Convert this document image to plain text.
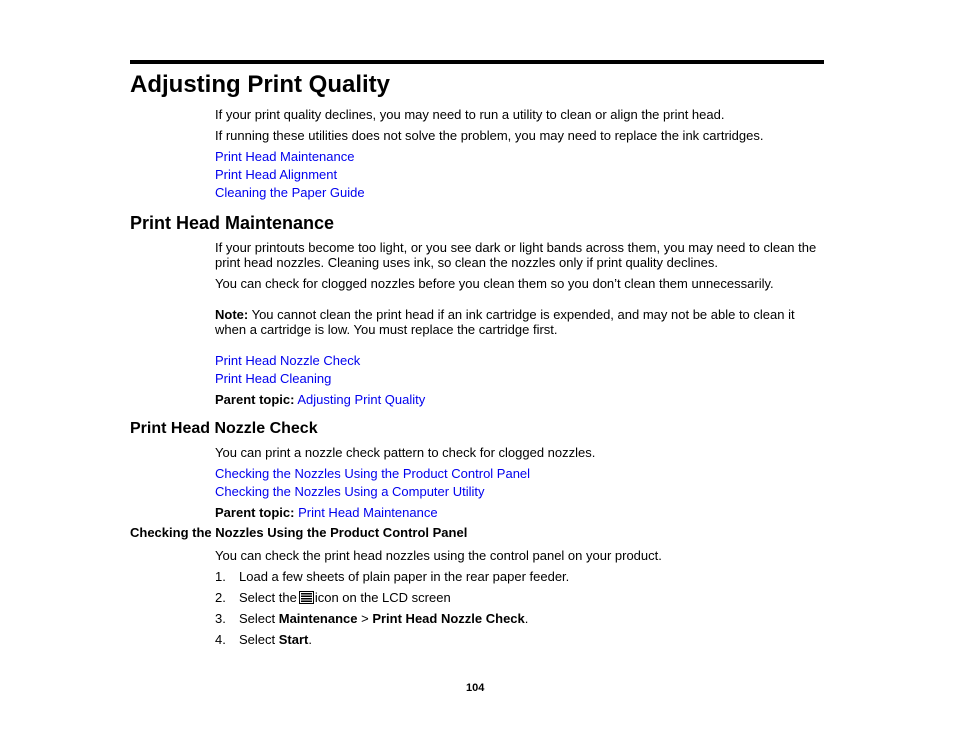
Adjusting Print Quality
If your print quality declines, you may need to run a utility to clean or align the print head.
If running these utilities does not solve the problem, you may need to replace the ink cartridges.
Print Head Maintenance
Print Head Alignment
Cleaning the Paper Guide
Print Head Maintenance
If your printouts become too light, or you see dark or light bands across them, you may need to clean the
print head nozzles. Cleaning uses ink, so clean the nozzles only if print quality declines.
You can check for clogged nozzles before you clean them so you don’t clean them unnecessarily.
Note: You cannot clean the print head if an ink cartridge is expended, and may not be able to clean it
when a cartridge is low. You must replace the cartridge first.
Print Head Nozzle Check
Print Head Cleaning
Parent topic: Adjusting Print Quality
Print Head Nozzle Check
You can print a nozzle check pattern to check for clogged nozzles.
Checking the Nozzles Using the Product Control Panel
Checking the Nozzles Using a Computer Utility
Parent topic: Print Head Maintenance
Checking the Nozzles Using the Product Control Panel
You can check the print head nozzles using the control panel on your product.
1. Load a few sheets of plain paper in the rear paper feeder.
2. Select the icon on the LCD screen
3. Select Maintenance > Print Head Nozzle Check.
4. Select Start.
104
